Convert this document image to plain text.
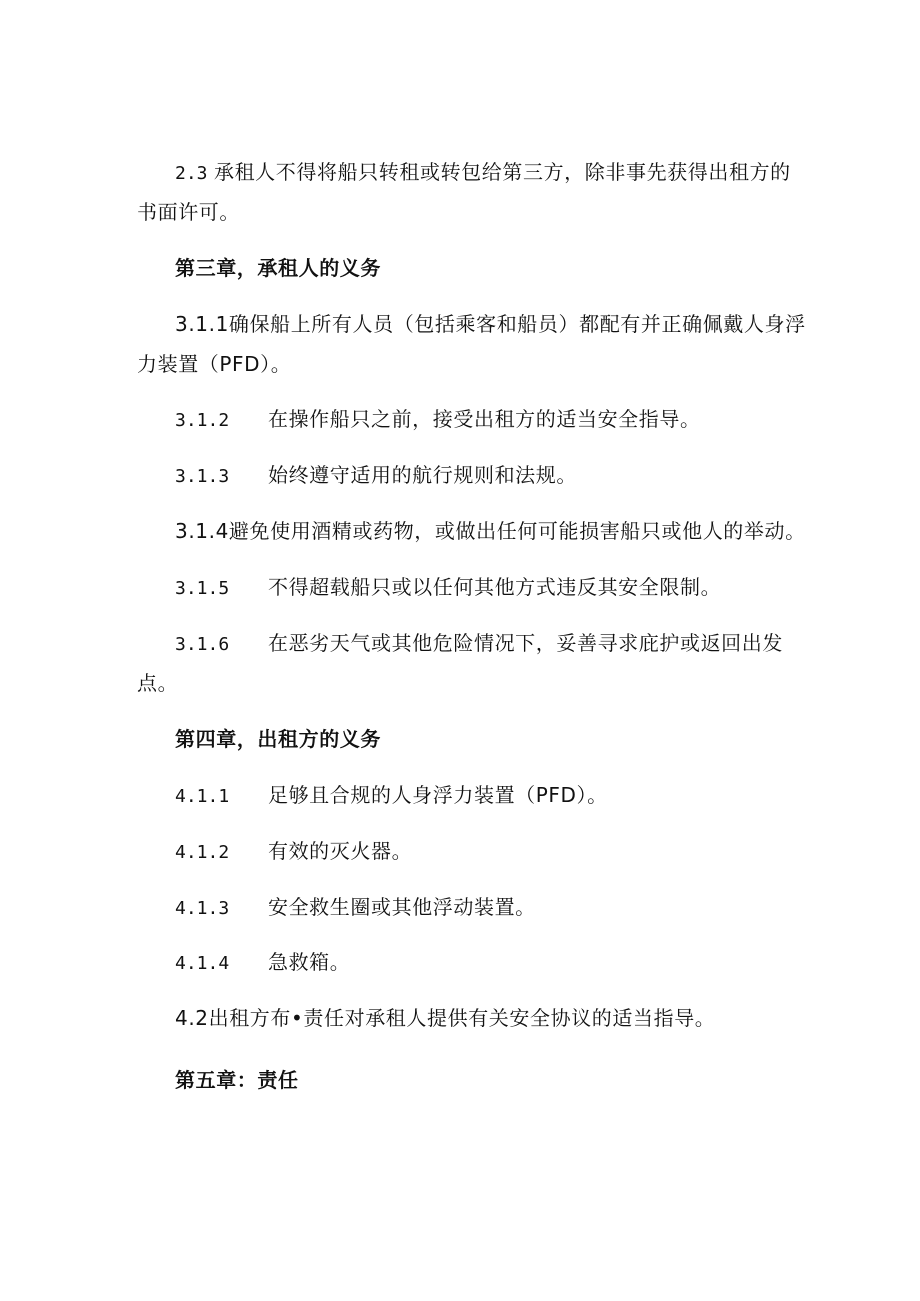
2.3 承租人不得将船只转租或转包给第三方，除非事先获得出租方的
书面许可。
第三章，承租人的义务
3.1.1确保船上所有人员（包括乘客和船员）都配有并正确佩戴人身浮
力装置（PFD）。
3.1.2 在操作船只之前，接受出租方的适当安全指导。
3.1.3 始终遵守适用的航行规则和法规。
3.1.4避免使用酒精或药物，或做出任何可能损害船只或他人的举动。
3.1.5 不得超载船只或以任何其他方式违反其安全限制。
3.1.6 在恶劣天气或其他危险情况下，妥善寻求庇护或返回出发
点。
第四章，出租方的义务
4.1.1 足够且合规的人身浮力装置（PFD）。
4.1.2 有效的灭火器。
4.1.3 安全救生圈或其他浮动装置。
4.1.4 急救箱。
4.2出租方布•责任对承租人提供有关安全协议的适当指导。
第五章：责任
